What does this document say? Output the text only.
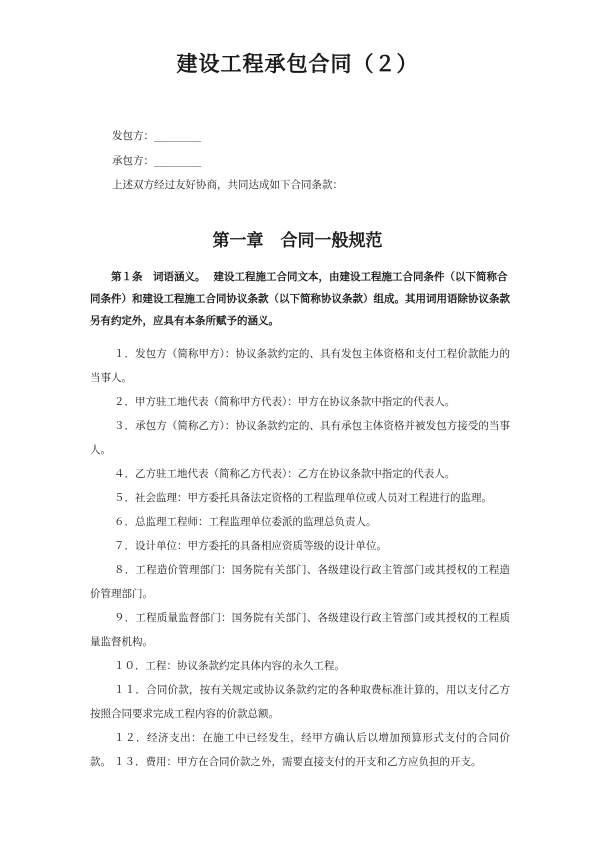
建设工程承包合同（２）
发包方：_________
承包方：_________
上述双方经过友好协商，共同达成如下合同条款：
第一章　合同一般规范

第１条　词语涵义。 建设工程施工合同文本，由建设工程施工合同条件（以下简称合同条件）和建设工程施工合同协议条款（以下简称协议条款）组成。其用词用语除协议条款另有约定外，应具有本条所赋予的涵义。

１．发包方（简称甲方）：协议条款约定的、具有发包主体资格和支付工程价款能力的当事人。

２．甲方驻工地代表（简称甲方代表）：甲方在协议条款中指定的代表人。

３．承包方（简称乙方）：协议条款约定的、具有承包主体资格并被发包方接受的当事人。

４．乙方驻工地代表（简称乙方代表）：乙方在协议条款中指定的代表人。

５．社会监理：甲方委托具备法定资格的工程监理单位或人员对工程进行的监理。

６．总监理工程师：工程监理单位委派的监理总负责人。

７．设计单位：甲方委托的具备相应资质等级的设计单位。

８．工程造价管理部门：国务院有关部门、各级建设行政主管部门或其授权的工程造价管理部门。

９．工程质量监督部门：国务院有关部门、各级建设行政主管部门或其授权的工程质量监督机构。

１０．工程：协议条款约定具体内容的永久工程。

１１．合同价款，按有关规定或协议条款约定的各种取费标准计算的，用以支付乙方按照合同要求完成工程内容的价款总额。

１２．经济支出：在施工中已经发生，经甲方确认后以增加预算形式支付的合同价款。 １３．费用：甲方在合同价款之外，需要直接支付的开支和乙方应负担的开支。
